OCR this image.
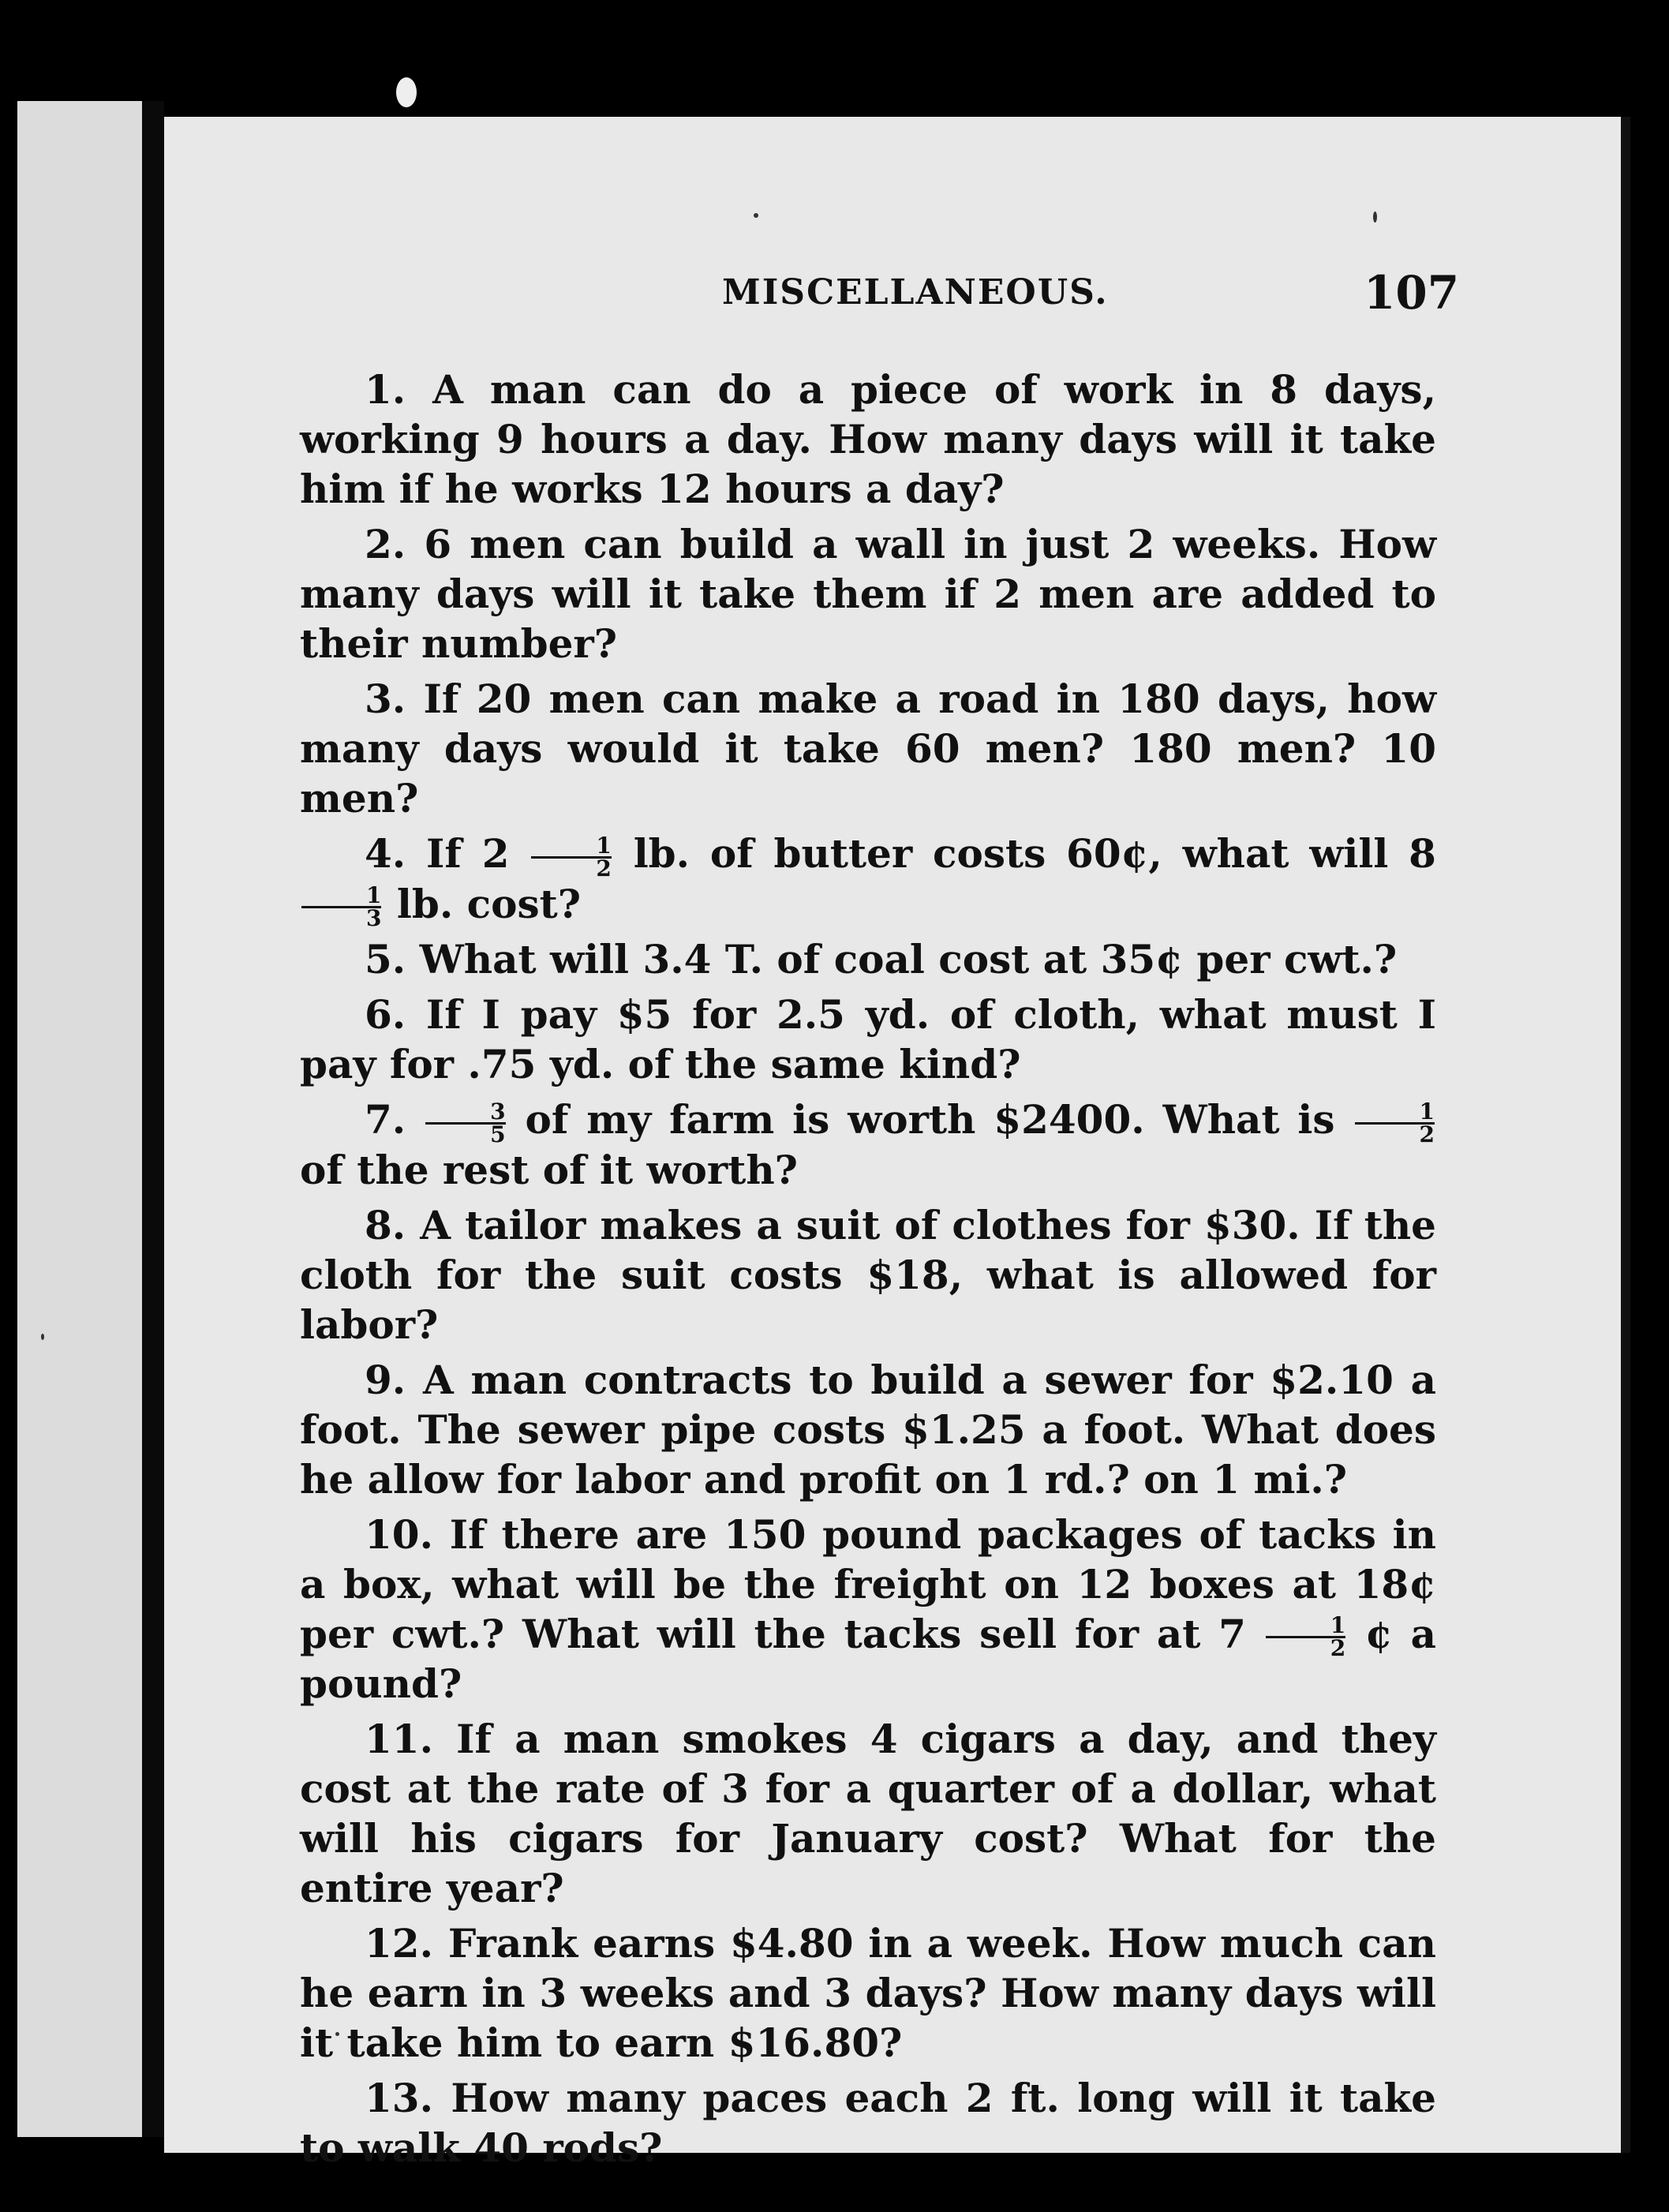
MISCELLANEOUS.	107

1. A man can do a piece of work in 8 days, working 9 hours a day. How many days will it take him if he works 12 hours a day?

2. 6 men can build a wall in just 2 weeks. How many days will it take them if 2 men are added to their number?

3. If 20 men can make a road in 180 days, how many days would it take 60 men? 180 men? 10 men?

4. If $2 \frac{1}{2}$ lb. of butter costs 60¢, what will 8
$\frac{1}{3}$ lb. cost?

5. What will 3.4 T. of coal cost at 35¢ per cwt.?

6. If I pay $5 for 2.5 yd. of cloth, what must I pay for .75 yd. of the same kind?

7. $\frac{3}{5}$ of my farm is worth $2400. What is $\frac{1}{2}$
of the rest of it worth?

8. A tailor makes a suit of clothes for $30. If the cloth for the suit costs $18, what is allowed for labor?

9. A man contracts to build a sewer for $2.10 a foot. The sewer pipe costs $1.25 a foot. What does he allow for labor and profit on 1 rd.? on 1 mi.?

10. If there are 150 pound packages of tacks in a box, what will be the freight on 12 boxes at 18¢ per cwt.? What will the tacks sell for at $7 \frac{1}{2}$ ¢ a pound?

11. If a man smokes 4 cigars a day, and they cost at the rate of 3 for a quarter of a dollar, what will his cigars for January cost? What for the entire year?

12. Frank earns $4.80 in a week. How much can he earn in 3 weeks and 3 days? How many days will it take him to earn $16.80?

13. How many paces each 2 ft. long will it take to walk 40 rods?
